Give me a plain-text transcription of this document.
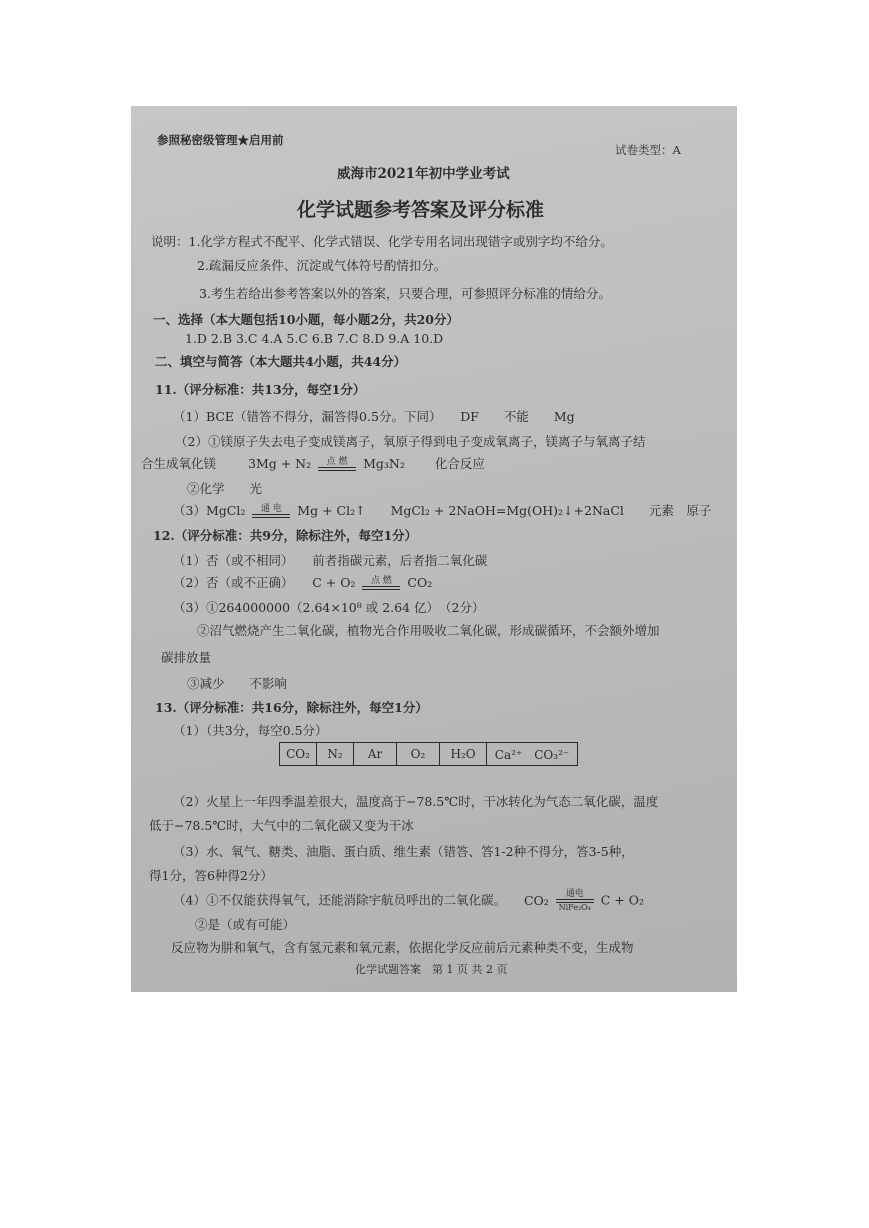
参照秘密级管理★启用前
试卷类型：A
威海市2021年初中学业考试
化学试题参考答案及评分标准
说明：1.化学方程式不配平、化学式错误、化学专用名词出现错字或别字均不给分。
2.疏漏反应条件、沉淀或气体符号酌情扣分。
3.考生若给出参考答案以外的答案，只要合理，可参照评分标准的情给分。
一、选择（本大题包括10小题，每小题2分，共20分）
1.D 2.B 3.C 4.A 5.C 6.B 7.C 8.D 9.A 10.D
二、填空与简答（本大题共4小题，共44分）
11.（评分标准：共13分，每空1分）
（1）BCE（错答不得分，漏答得0.5分。下同）　　DF　　不能　　Mg
（2）①镁原子失去电子变成镁离子，氧原子得到电子变成氧离子，镁离子与氧离子结
合生成氧化镁	3Mg + N₂	点 燃	Mg₃N₂ 化合反应
②化学　　光
（3）MgCl₂	通 电	Mg + Cl₂↑　　MgCl₂ + 2NaOH=Mg(OH)₂↓+2NaCl　　元素　原子
12.（评分标准：共9分，除标注外，每空1分）
（1）否（或不相同）　　前者指碳元素，后者指二氧化碳
（2）否（或不正确）　　C + O₂	点 燃	CO₂
（3）①264000000（2.64×10⁸ 或 2.64 亿）　（2分）
②沼气燃烧产生二氧化碳，植物光合作用吸收二氧化碳，形成碳循环，不会额外增加
碳排放量
③减少　　不影响
13.（评分标准：共16分，除标注外，每空1分）
（1）（共3分，每空0.5分）
CO₂	N₂	Ar	O₂	H₂O	Ca²⁺　CO₃²⁻
（2）火星上一年四季温差很大，温度高于−78.5℃时，干冰转化为气态二氧化碳，温度
低于−78.5℃时，大气中的二氧化碳又变为干冰
（3）水、氧气、糖类、油脂、蛋白质、维生素（错答、答1-2种不得分，答3-5种，
得1分，答6种得2分）
（4）①不仅能获得氧气，还能消除宇航员呼出的二氧化碳。 CO₂	通电
NiFe₂O₄ C + O₂
②是（或有可能）
反应物为肼和氧气，含有氢元素和氧元素，依据化学反应前后元素种类不变，生成物
化学试题答案　第 1 页 共 2 页
